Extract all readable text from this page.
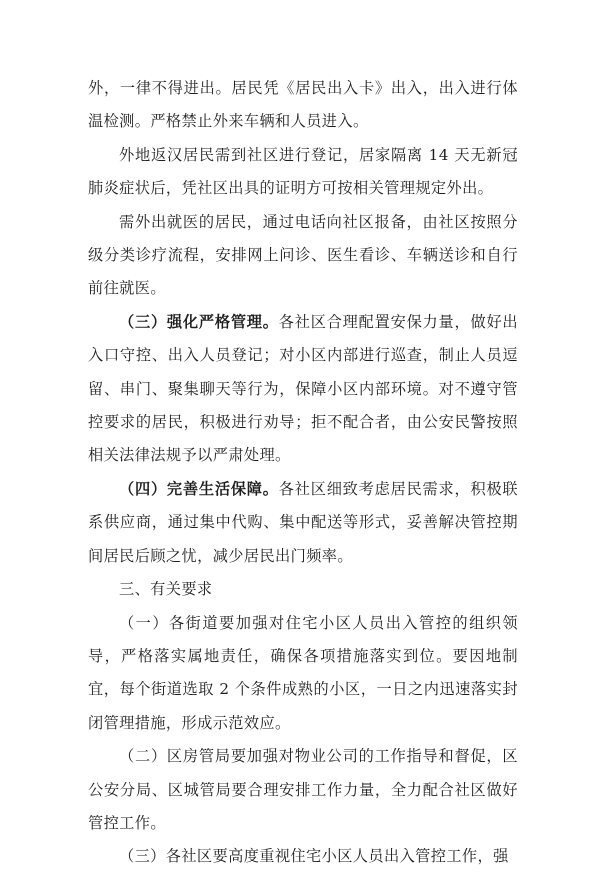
外，一律不得进出。居民凭《居民出入卡》出入，出入进行体温检测。严格禁止外来车辆和人员进入。

外地返汉居民需到社区进行登记，居家隔离 14 天无新冠肺炎症状后，凭社区出具的证明方可按相关管理规定外出。

需外出就医的居民，通过电话向社区报备，由社区按照分级分类诊疗流程，安排网上问诊、医生看诊、车辆送诊和自行前往就医。

（三）强化严格管理。各社区合理配置安保力量，做好出入口守控、出入人员登记；对小区内部进行巡查，制止人员逗留、串门、聚集聊天等行为，保障小区内部环境。对不遵守管控要求的居民，积极进行劝导；拒不配合者，由公安民警按照相关法律法规予以严肃处理。

（四）完善生活保障。各社区细致考虑居民需求，积极联系供应商，通过集中代购、集中配送等形式，妥善解决管控期间居民后顾之忧，减少居民出门频率。

三、有关要求

（一）各街道要加强对住宅小区人员出入管控的组织领导，严格落实属地责任，确保各项措施落实到位。要因地制宜，每个街道选取 2 个条件成熟的小区，一日之内迅速落实封闭管理措施，形成示范效应。

（二）区房管局要加强对物业公司的工作指导和督促，区公安分局、区城管局要合理安排工作力量，全力配合社区做好管控工作。

（三）各社区要高度重视住宅小区人员出入管控工作，强
